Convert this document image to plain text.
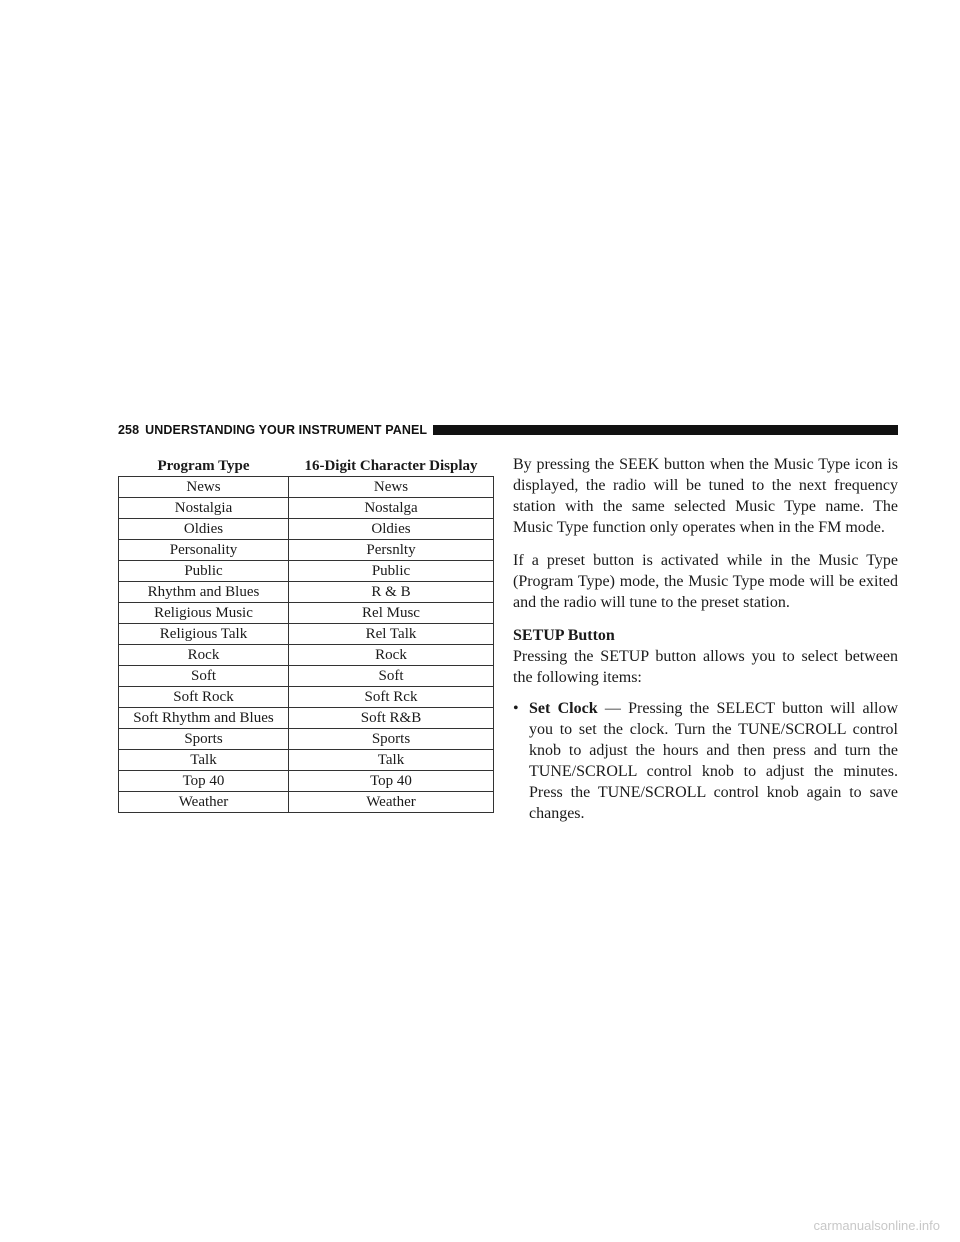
258 UNDERSTANDING YOUR INSTRUMENT PANEL
Program Type	16-Digit Character Display
News	News
Nostalgia	Nostalga
Oldies	Oldies
Personality	Persnlty
Public	Public
Rhythm and Blues	R & B
Religious Music	Rel Musc
Religious Talk	Rel Talk
Rock	Rock
Soft	Soft
Soft Rock	Soft Rck
Soft Rhythm and Blues	Soft R&B
Sports	Sports
Talk	Talk
Top 40	Top 40
Weather	Weather

By pressing the SEEK button when the Music Type icon is displayed, the radio will be tuned to the next frequency station with the same selected Music Type name. The Music Type function only operates when in the FM mode.

If a preset button is activated while in the Music Type (Program Type) mode, the Music Type mode will be exited and the radio will tune to the preset station.

SETUP Button
Pressing the SETUP button allows you to select between the following items:
• Set Clock — Pressing the SELECT button will allow you to set the clock. Turn the TUNE/SCROLL control knob to adjust the hours and then press and turn the TUNE/SCROLL control knob to adjust the minutes. Press the TUNE/SCROLL control knob again to save changes.
carmanualsonline.info
